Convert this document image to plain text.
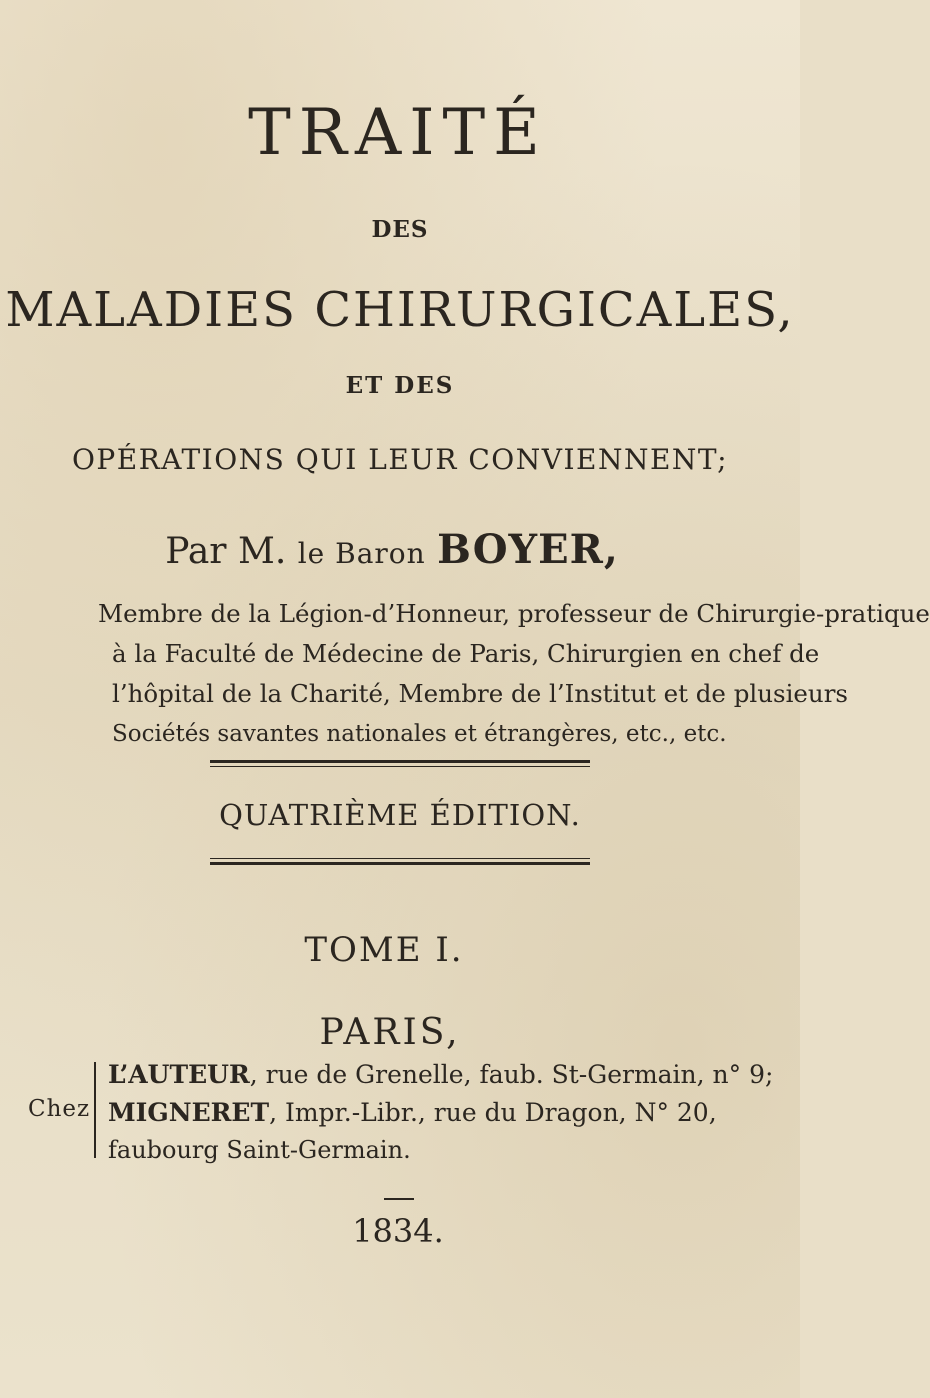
TRAITÉ
DES
MALADIES CHIRURGICALES,
ET DES
OPÉRATIONS QUI LEUR CONVIENNENT;
Par M. le Baron BOYER,
Membre de la Légion-d’Honneur, professeur de Chirurgie-pratique
à la Faculté de Médecine de Paris, Chirurgien en chef de
l’hôpital de la Charité, Membre de l’Institut et de plusieurs
Sociétés savantes nationales et étrangères, etc., etc.
QUATRIÈME ÉDITION.
TOME I.
PARIS,
Chez
L’AUTEUR, rue de Grenelle, faub. St-Germain, n° 9;
MIGNERET, Impr.-Libr., rue du Dragon, N° 20,
faubourg Saint-Germain.
1834.
